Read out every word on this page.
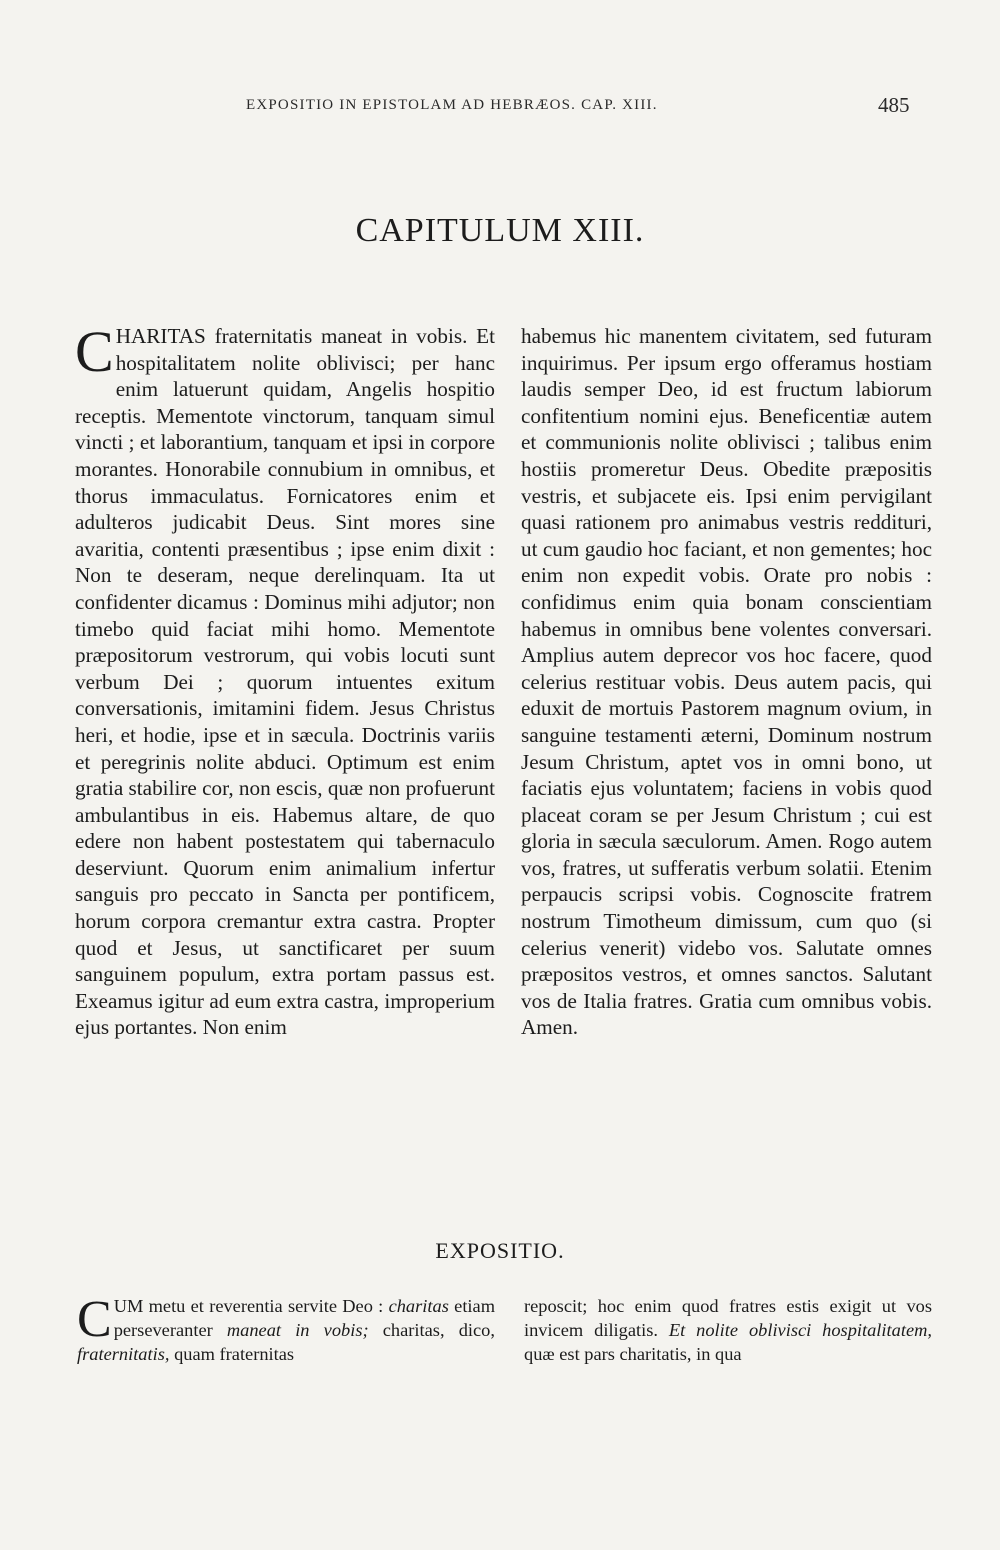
EXPOSITIO IN EPISTOLAM AD HEBRÆOS. CAP. XIII.	485
CAPITULUM XIII.

CHARITAS fraternitatis maneat in vobis. Et hospitalitatem nolite oblivisci; per hanc enim latuerunt quidam, Angelis hospitio receptis. Mementote vinctorum, tanquam simul vincti ; et laborantium, tanquam et ipsi in corpore morantes. Honorabile connubium in omnibus, et thorus immaculatus. Fornicatores enim et adulteros judicabit Deus. Sint mores sine avaritia, contenti præsentibus ; ipse enim dixit : Non te deseram, neque derelinquam. Ita ut confidenter dicamus : Dominus mihi adjutor; non timebo quid faciat mihi homo. Mementote præpositorum vestrorum, qui vobis locuti sunt verbum Dei ; quorum intuentes exitum conversationis, imitamini fidem. Jesus Christus heri, et hodie, ipse et in sæcula. Doctrinis variis et peregrinis nolite abduci. Optimum est enim gratia stabilire cor, non escis, quæ non profuerunt ambulantibus in eis. Habemus altare, de quo edere non habent postestatem qui tabernaculo deserviunt. Quorum enim animalium infertur sanguis pro peccato in Sancta per pontificem, horum corpora cremantur extra castra. Propter quod et Jesus, ut sanctificaret per suum sanguinem populum, extra portam passus est. Exeamus igitur ad eum extra castra, improperium ejus portantes. Non enim

habemus hic manentem civitatem, sed futuram inquirimus. Per ipsum ergo offeramus hostiam laudis semper Deo, id est fructum labiorum confitentium nomini ejus. Beneficentiæ autem et communionis nolite oblivisci ; talibus enim hostiis promeretur Deus. Obedite præpositis vestris, et subjacete eis. Ipsi enim pervigilant quasi rationem pro animabus vestris reddituri, ut cum gaudio hoc faciant, et non gementes; hoc enim non expedit vobis. Orate pro nobis : confidimus enim quia bonam conscientiam habemus in omnibus bene volentes conversari. Amplius autem deprecor vos hoc facere, quod celerius restituar vobis. Deus autem pacis, qui eduxit de mortuis Pastorem magnum ovium, in sanguine testamenti æterni, Dominum nostrum Jesum Christum, aptet vos in omni bono, ut faciatis ejus voluntatem; faciens in vobis quod placeat coram se per Jesum Christum ; cui est gloria in sæcula sæculorum. Amen. Rogo autem vos, fratres, ut sufferatis verbum solatii. Etenim perpaucis scripsi vobis. Cognoscite fratrem nostrum Timotheum dimissum, cum quo (si celerius venerit) videbo vos. Salutate omnes præpositos vestros, et omnes sanctos. Salutant vos de Italia fratres. Gratia cum omnibus vobis. Amen.

EXPOSITIO.

CUM metu et reverentia servite Deo : charitas etiam perseveranter maneat in vobis; charitas, dico, fraternitatis, quam fraternitas

reposcit; hoc enim quod fratres estis exigit ut vos invicem diligatis. Et nolite oblivisci hospitalitatem, quæ est pars charitatis, in qua
